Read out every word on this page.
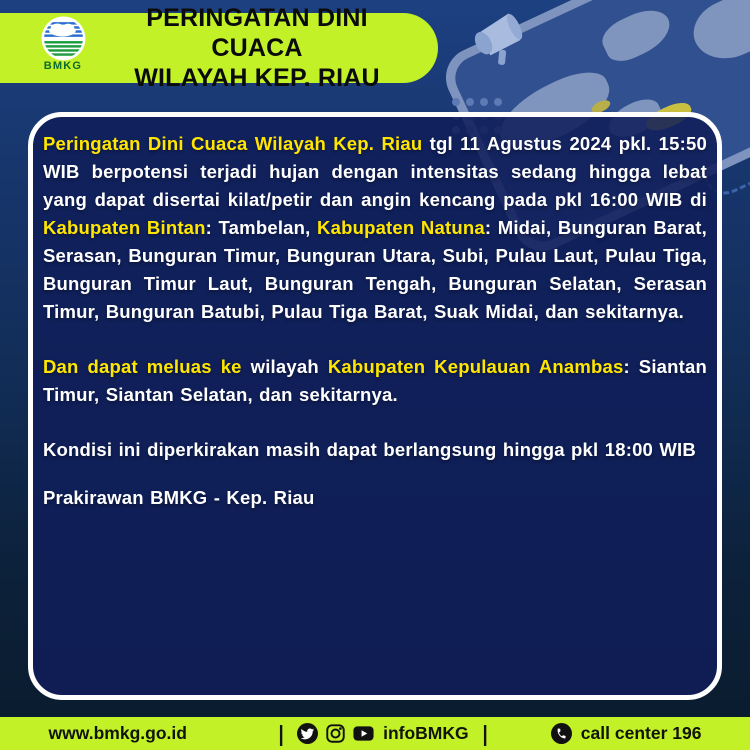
BMKG
PERINGATAN DINI CUACA
WILAYAH KEP. RIAU

Peringatan Dini Cuaca Wilayah Kep. Riau tgl 11 Agustus 2024 pkl. 15:50 WIB berpotensi terjadi hujan dengan intensitas sedang hingga lebat yang dapat disertai kilat/petir dan angin kencang pada pkl 16:00 WIB di Kabupaten Bintan: Tambelan, Kabupaten Natuna: Midai, Bunguran Barat, Serasan, Bunguran Timur, Bunguran Utara, Subi, Pulau Laut, Pulau Tiga, Bunguran Timur Laut, Bunguran Tengah, Bunguran Selatan, Serasan Timur, Bunguran Batubi, Pulau Tiga Barat, Suak Midai, dan sekitarnya.

Dan dapat meluas ke wilayah Kabupaten Kepulauan Anambas: Siantan Timur, Siantan Selatan, dan sekitarnya.

Kondisi ini diperkirakan masih dapat berlangsung hingga pkl 18:00 WIB

Prakirawan BMKG - Kep. Riau

www.bmkg.go.id	|	infoBMKG |	call center 196
